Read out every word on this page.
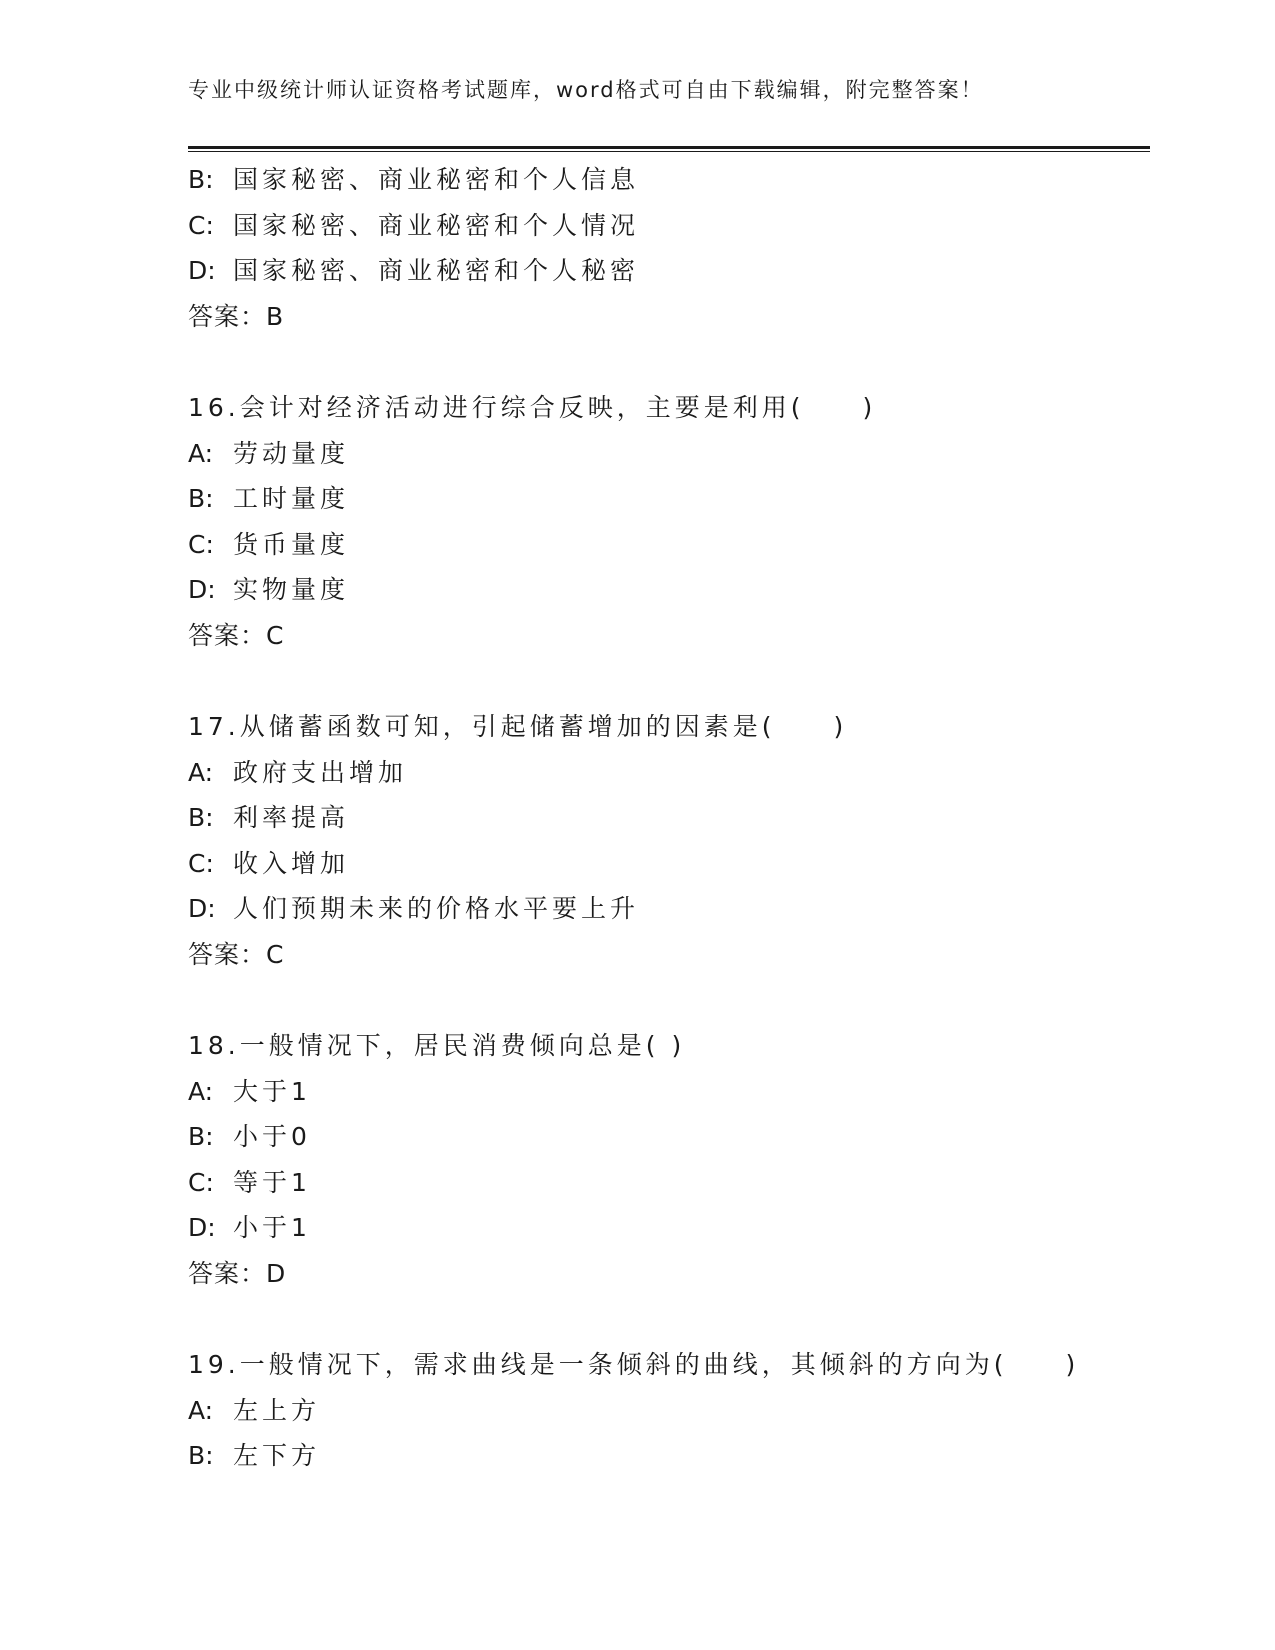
专业中级统计师认证资格考试题库，word格式可自由下载编辑，附完整答案！
B: 国家秘密、商业秘密和个人信息
C: 国家秘密、商业秘密和个人情况
D: 国家秘密、商业秘密和个人秘密
答案：B
16.会计对经济活动进行综合反映，主要是利用(　　)
A: 劳动量度
B: 工时量度
C: 货币量度
D: 实物量度
答案：C
17.从储蓄函数可知，引起储蓄增加的因素是(　　)
A: 政府支出增加
B: 利率提高
C: 收入增加
D: 人们预期未来的价格水平要上升
答案：C
18.一般情况下，居民消费倾向总是( )
A: 大于1
B: 小于0
C: 等于1
D: 小于1
答案：D
19.一般情况下，需求曲线是一条倾斜的曲线，其倾斜的方向为(　　)
A: 左上方
B: 左下方
